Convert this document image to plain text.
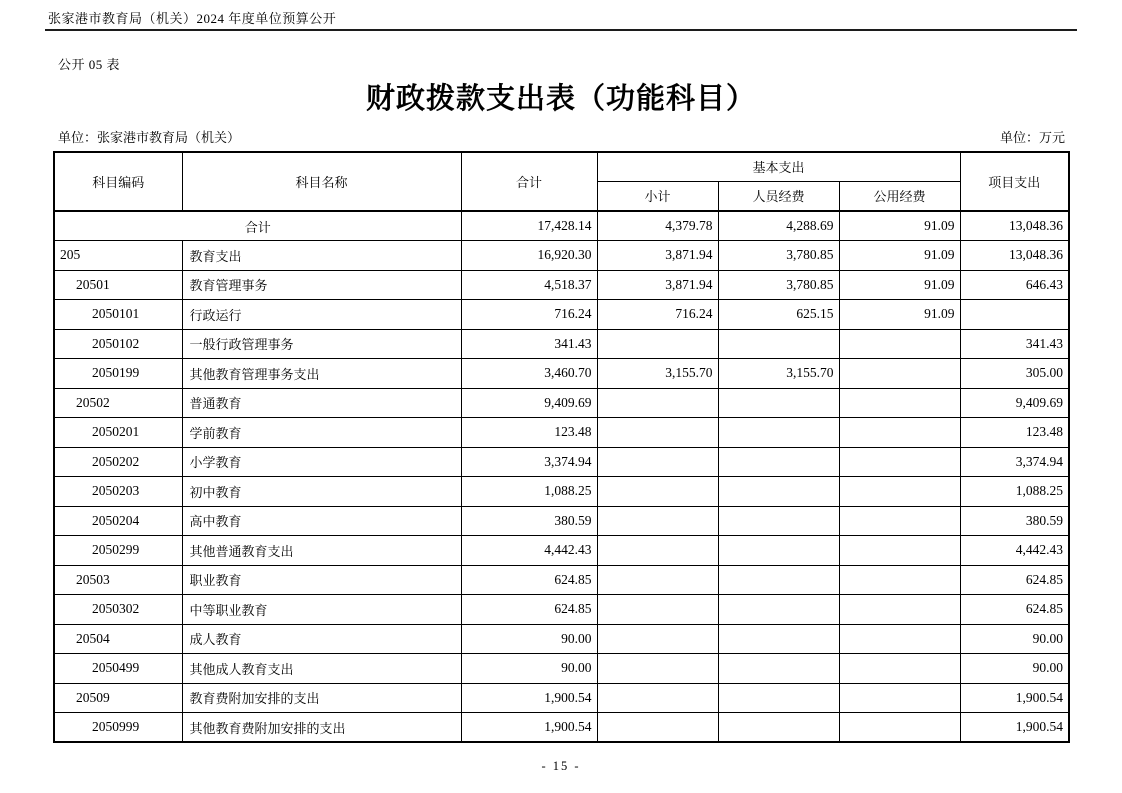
张家港市教育局（机关）2024 年度单位预算公开
公开 05 表
财政拨款支出表（功能科目）
单位：张家港市教育局（机关）	单位：万元
科目编码	科目名称	合计	基本支出			项目支出
			小计	人员经费	公用经费	
合计		17,428.14	4,379.78	4,288.69	91.09	13,048.36
205	教育支出	16,920.30	3,871.94	3,780.85	91.09	13,048.36
20501	教育管理事务	4,518.37	3,871.94	3,780.85	91.09	646.43
2050101	行政运行	716.24	716.24	625.15	91.09	
2050102	一般行政管理事务	341.43				341.43
2050199	其他教育管理事务支出	3,460.70	3,155.70	3,155.70		305.00
20502	普通教育	9,409.69				9,409.69
2050201	学前教育	123.48				123.48
2050202	小学教育	3,374.94				3,374.94
2050203	初中教育	1,088.25				1,088.25
2050204	高中教育	380.59				380.59
2050299	其他普通教育支出	4,442.43				4,442.43
20503	职业教育	624.85				624.85
2050302	中等职业教育	624.85				624.85
20504	成人教育	90.00				90.00
2050499	其他成人教育支出	90.00				90.00
20509	教育费附加安排的支出	1,900.54				1,900.54
2050999	其他教育费附加安排的支出	1,900.54				1,900.54
- 15 -
